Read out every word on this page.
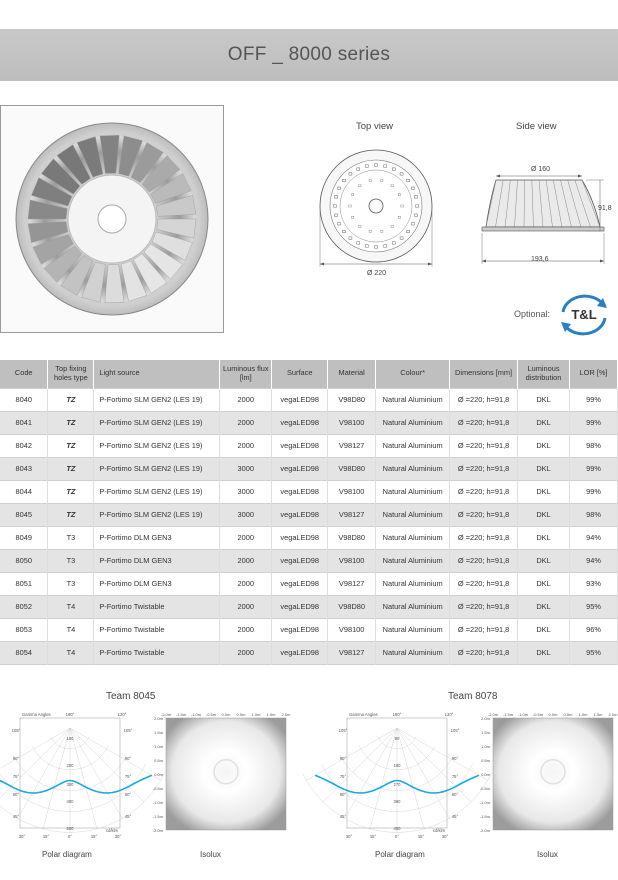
OFF _ 8000 series
Top view
Ø 220
Side view
Ø 160
91,8
193,6
Optional: T&L
Code	Top fixing holes type	Light source	Luminous flux [lm]	Surface	Material	Colour*	Dimensions [mm]	Luminous distribution	LOR [%]
8040	TZ	P-Fortimo SLM GEN2 (LES 19)	2000	vegaLED98	V98D80	Natural Aluminium	Ø =220; h=91,8	DKL	99%
8041	TZ	P-Fortimo SLM GEN2 (LES 19)	2000	vegaLED98	V98100	Natural Aluminium	Ø =220; h=91,8	DKL	99%
8042	TZ	P-Fortimo SLM GEN2 (LES 19)	2000	vegaLED98	V98127	Natural Aluminium	Ø =220; h=91,8	DKL	98%
8043	TZ	P-Fortimo SLM GEN2 (LES 19)	3000	vegaLED98	V98D80	Natural Aluminium	Ø =220; h=91,8	DKL	99%
8044	TZ	P-Fortimo SLM GEN2 (LES 19)	3000	vegaLED98	V98100	Natural Aluminium	Ø =220; h=91,8	DKL	99%
8045	TZ	P-Fortimo SLM GEN2 (LES 19)	3000	vegaLED98	V98127	Natural Aluminium	Ø =220; h=91,8	DKL	98%
8049	T3	P-Fortimo DLM GEN3	2000	vegaLED98	V98D80	Natural Aluminium	Ø =220; h=91,8	DKL	94%
8050	T3	P-Fortimo DLM GEN3	2000	vegaLED98	V98100	Natural Aluminium	Ø =220; h=91,8	DKL	94%
8051	T3	P-Fortimo DLM GEN3	2000	vegaLED98	V98127	Natural Aluminium	Ø =220; h=91,8	DKL	93%
8052	T4	P-Fortimo Twistable	2000	vegaLED98	V98D80	Natural Aluminium	Ø =220; h=91,8	DKL	95%
8053	T4	P-Fortimo Twistable	2000	vegaLED98	V98100	Natural Aluminium	Ø =220; h=91,8	DKL	96%
8054	T4	P-Fortimo Twistable	2000	vegaLED98	V98127	Natural Aluminium	Ø =220; h=91,8	DKL	95%
Team 8045	Team 8078
Gamma Angles	180°	120°
105°	105°
90°	90°
75°	75°
60°	60°
45°	45°
30°	15°	0°	15°	30°
100
200
300
400
500	cd/klm
Gamma Angles	180°	120°
105°	105°
90°	90°
75°	75°
60°	60°
45°	45°
30°	15°	0°	15°	30°
90
180
270
360
450	cd/klm
-2.0m -1.5m -1.0m -0.5m 0.0m 0.5m 1.0m 1.5m 2.0m
2.0m
1.5m
1.0m
0.5m
0.0m
-0.5m
-1.0m
-1.5m
-2.0m
-2.0m -1.5m -1.0m -0.5m 0.0m 0.5m 1.0m 1.5m 2.0m
2.0m
1.5m
1.0m
0.5m
0.0m
-0.5m
-1.0m
-1.5m
-2.0m
Polar diagram	Isolux	Polar diagram	Isolux
